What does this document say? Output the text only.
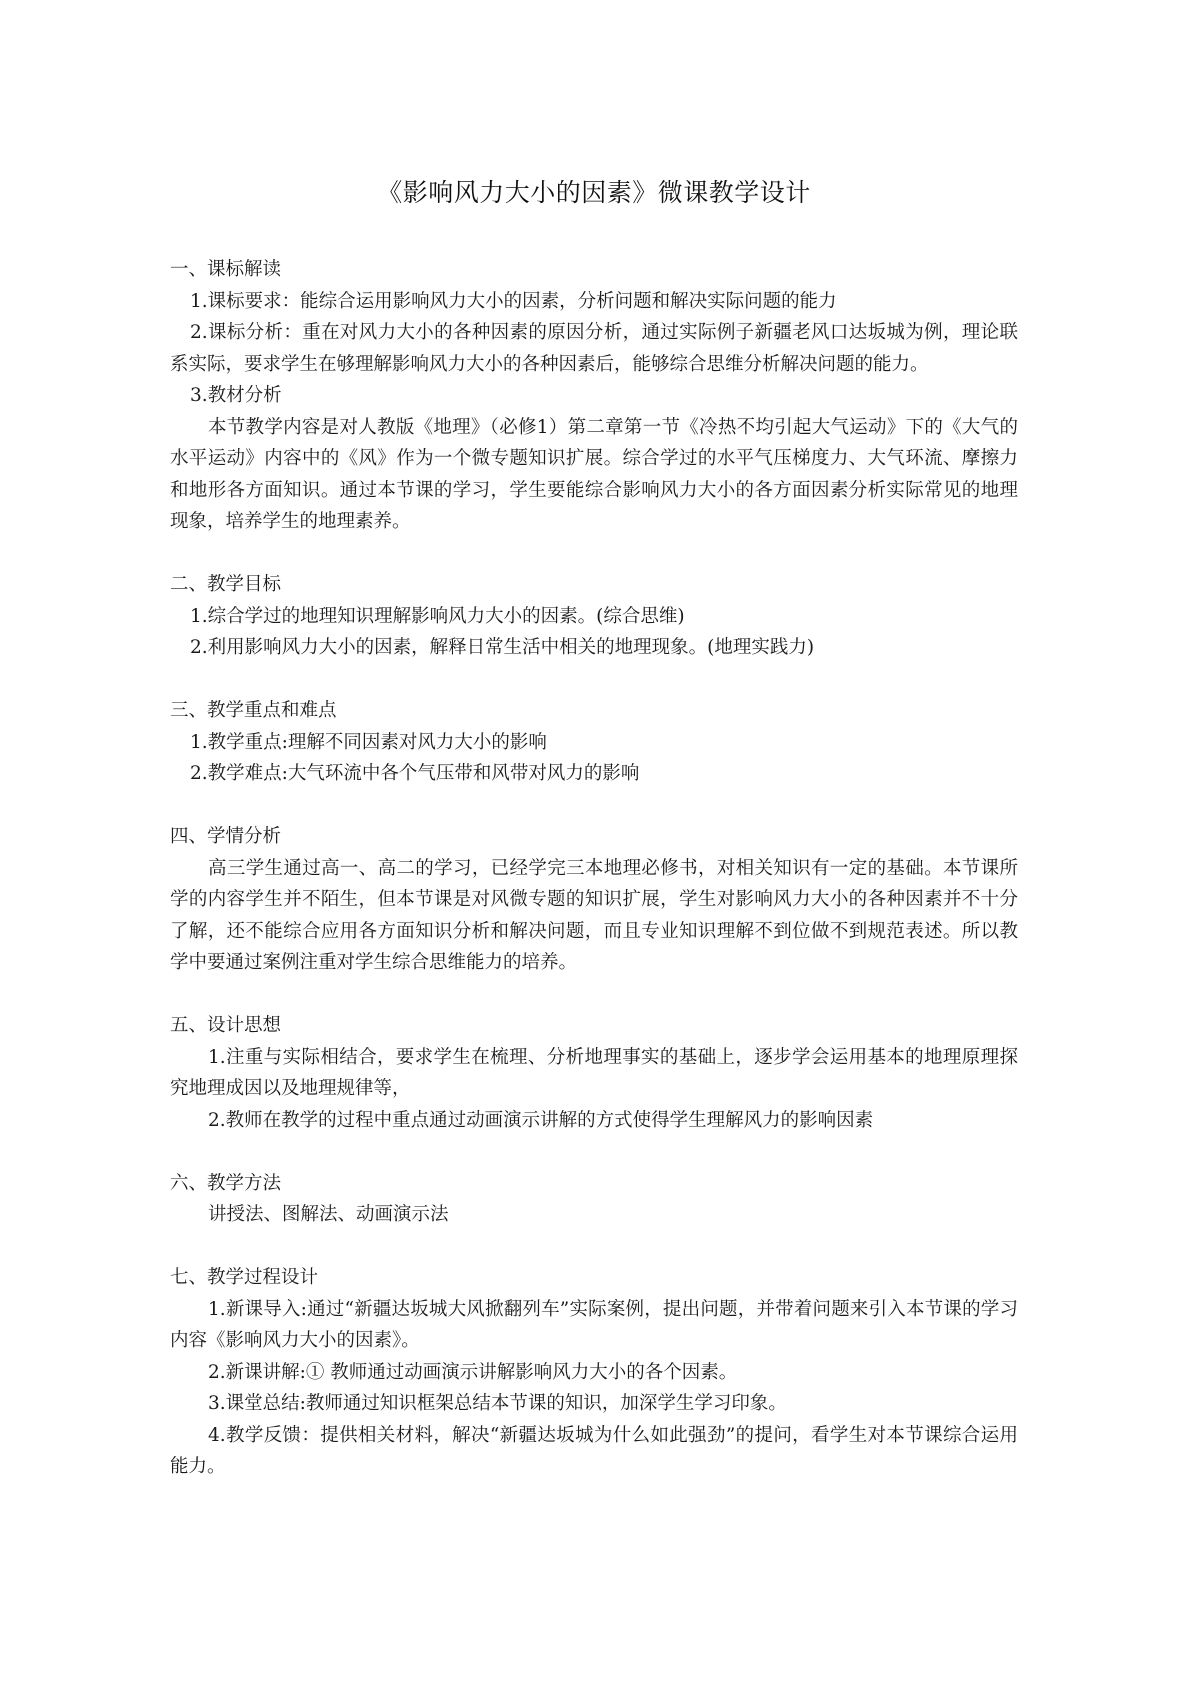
《影响风力大小的因素》微课教学设计

一、课标解读

1.课标要求：能综合运用影响风力大小的因素，分析问题和解决实际问题的能力

2.课标分析：重在对风力大小的各种因素的原因分析，通过实际例子新疆老风口达坂城为例，理论联系实际，要求学生在够理解影响风力大小的各种因素后，能够综合思维分析解决问题的能力。

3.教材分析

本节教学内容是对人教版《地理》（必修1）第二章第一节《冷热不均引起大气运动》下的《大气的水平运动》内容中的《风》作为一个微专题知识扩展。综合学过的水平气压梯度力、大气环流、摩擦力和地形各方面知识。通过本节课的学习，学生要能综合影响风力大小的各方面因素分析实际常见的地理现象，培养学生的地理素养。

二、教学目标

1.综合学过的地理知识理解影响风力大小的因素。(综合思维)

2.利用影响风力大小的因素，解释日常生活中相关的地理现象。(地理实践力)

三、教学重点和难点

1.教学重点:理解不同因素对风力大小的影响

2.教学难点:大气环流中各个气压带和风带对风力的影响

四、学情分析

高三学生通过高一、高二的学习，已经学完三本地理必修书，对相关知识有一定的基础。本节课所学的内容学生并不陌生，但本节课是对风微专题的知识扩展，学生对影响风力大小的各种因素并不十分了解，还不能综合应用各方面知识分析和解决问题，而且专业知识理解不到位做不到规范表述。所以教学中要通过案例注重对学生综合思维能力的培养。

五、设计思想

1.注重与实际相结合，要求学生在梳理、分析地理事实的基础上，逐步学会运用基本的地理原理探究地理成因以及地理规律等，

2.教师在教学的过程中重点通过动画演示讲解的方式使得学生理解风力的影响因素

六、教学方法

讲授法、图解法、动画演示法

七、教学过程设计

1.新课导入:通过“新疆达坂城大风掀翻列车”实际案例，提出问题，并带着问题来引入本节课的学习内容《影响风力大小的因素》。

2.新课讲解:① 教师通过动画演示讲解影响风力大小的各个因素。

3.课堂总结:教师通过知识框架总结本节课的知识，加深学生学习印象。

4.教学反馈：提供相关材料，解决“新疆达坂城为什么如此强劲”的提问，看学生对本节课综合运用能力。
